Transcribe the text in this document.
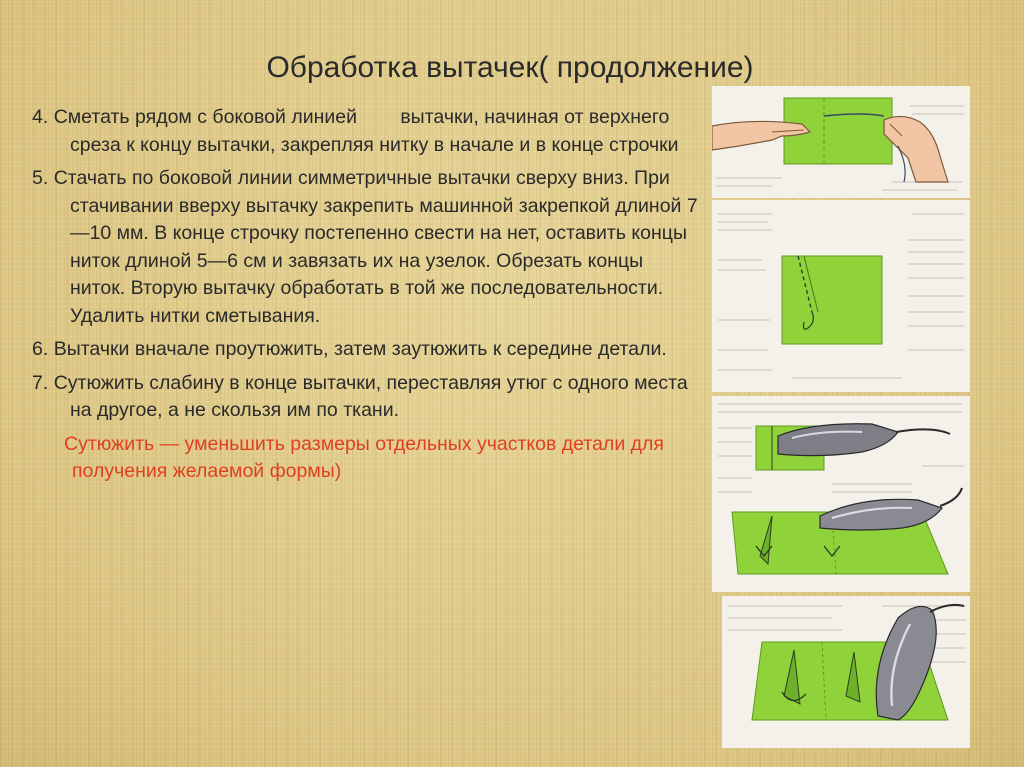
Обработка вытачек( продолжение)
4. Сметать рядом с боковой линией        вытачки, начиная от верхнего среза к концу вытачки, закрепляя нитку в начале и в конце строчки
5. Стачать по боковой линии симметричные вытачки сверху вниз. При стачивании вверху вытачку закрепить машинной закрепкой длиной 7—10 мм. В конце строчку постепенно свести на нет, оставить концы ниток длиной 5—6 см и завязать их на узелок. Обрезать концы ниток. Вторую вытачку обработать в той же последовательности. Удалить нитки сметывания.
6. Вытачки вначале проутюжить, затем заутюжить к середине детали.
7. Сутюжить слабину в конце вытачки, переставляя утюг с одного места на другое, а не скользя им по ткани.
Сутюжить — уменьшить размеры отдельных участков детали для получения желаемой формы)
